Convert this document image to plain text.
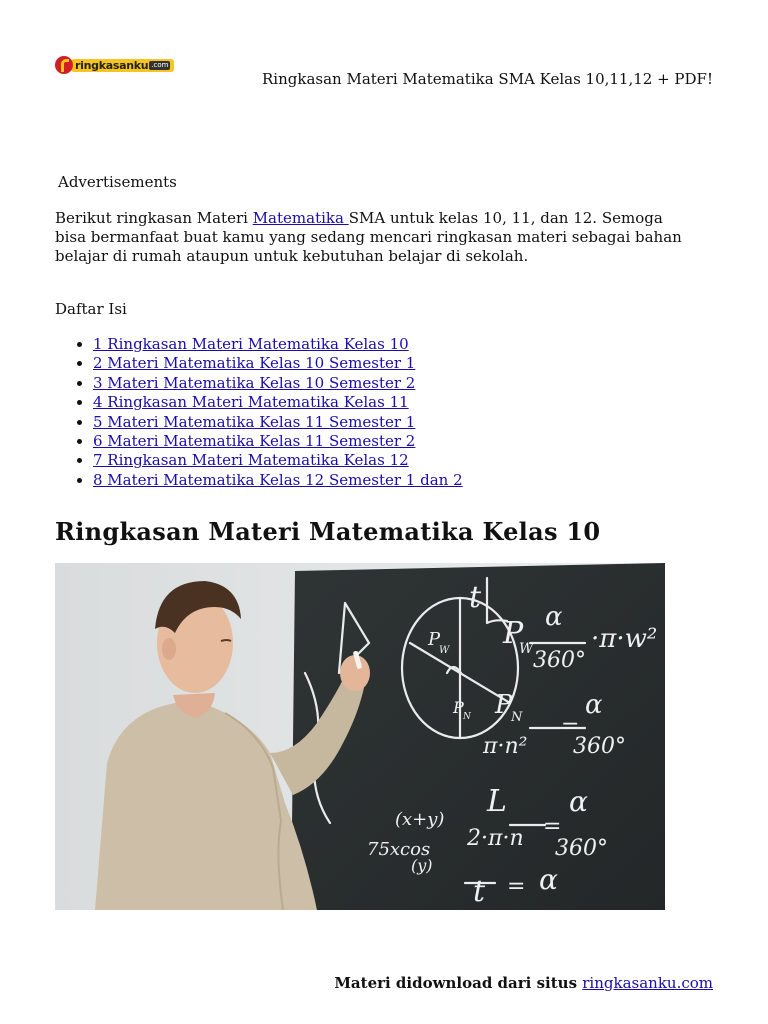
ringkasanku .com
Ringkasan Materi Matematika SMA Kelas 10,11,12 + PDF!
Advertisements

Berikut ringkasan Materi Matematika SMA untuk kelas 10, 11, dan 12. Semoga bisa bermanfaat buat kamu yang sedang mencari ringkasan materi sebagai bahan belajar di rumah ataupun untuk kebutuhan belajar di sekolah.

Daftar Isi
• 1 Ringkasan Materi Matematika Kelas 10
• 2 Materi Matematika Kelas 10 Semester 1
• 3 Materi Matematika Kelas 10 Semester 2
• 4 Ringkasan Materi Matematika Kelas 11
• 5 Materi Matematika Kelas 11 Semester 1
• 6 Materi Matematika Kelas 11 Semester 2
• 7 Ringkasan Materi Matematika Kelas 12
• 8 Materi Matematika Kelas 12 Semester 1 dan 2
Ringkasan Materi Matematika Kelas 10
P
W
α
360°
·π·w²
P
N
π·n²
=
α
360°
L
2·π·n =
α
360°
t = α
P
W
P N
(x+y)
75xcos
(y)
t
Materi didownload dari situs ringkasanku.com
